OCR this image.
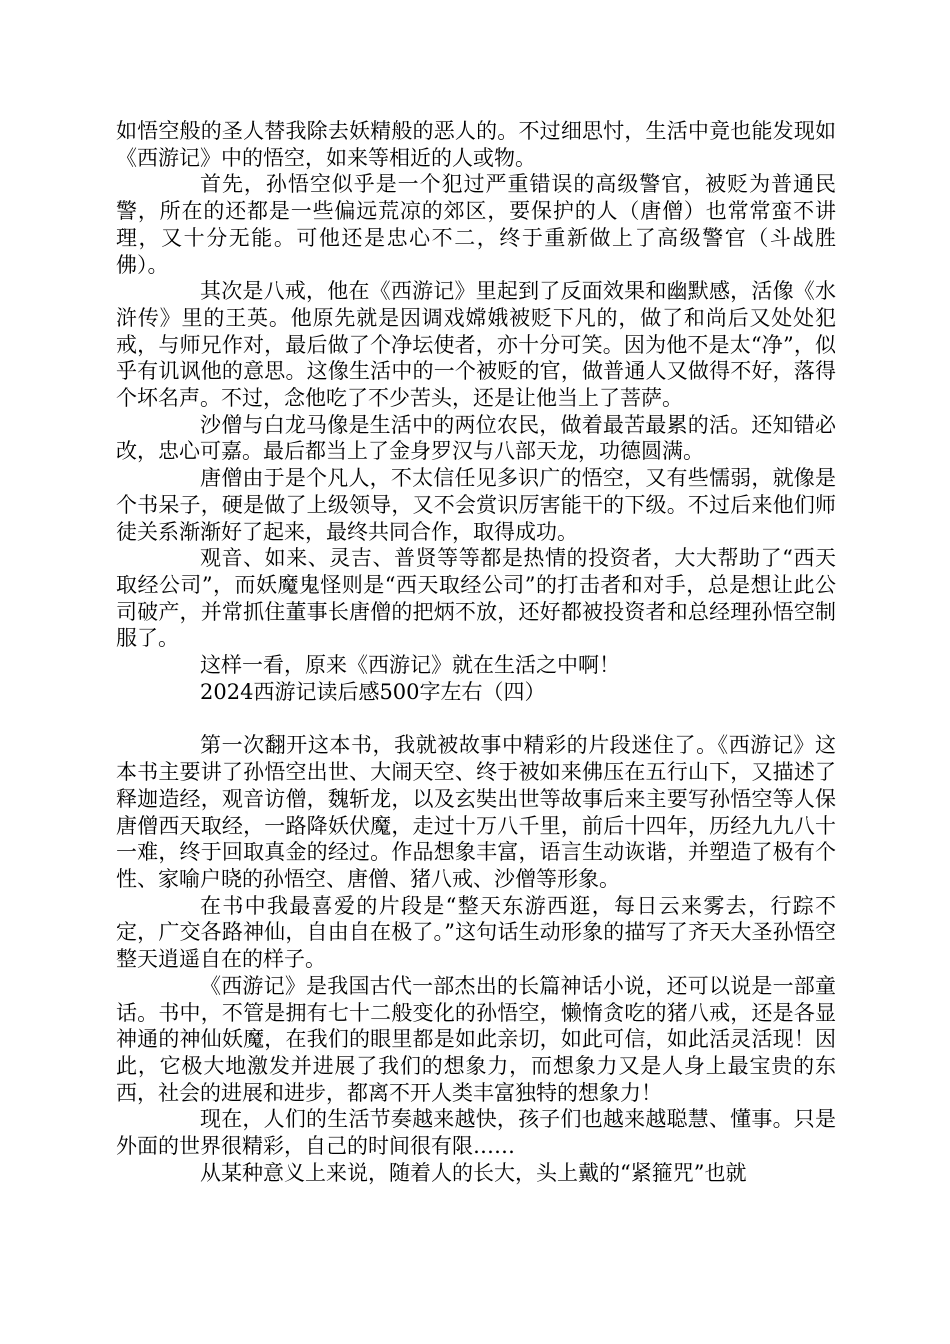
如悟空般的圣人替我除去妖精般的恶人的。不过细思忖，生活中竟也能发现如《西游记》中的悟空，如来等相近的人或物。

首先，孙悟空似乎是一个犯过严重错误的高级警官，被贬为普通民警，所在的还都是一些偏远荒凉的郊区，要保护的人（唐僧）也常常蛮不讲理，又十分无能。可他还是忠心不二，终于重新做上了高级警官（斗战胜佛）。

其次是八戒，他在《西游记》里起到了反面效果和幽默感，活像《水浒传》里的王英。他原先就是因调戏嫦娥被贬下凡的，做了和尚后又处处犯戒，与师兄作对，最后做了个净坛使者，亦十分可笑。因为他不是太“净”，似乎有讥讽他的意思。这像生活中的一个被贬的官，做普通人又做得不好，落得个坏名声。不过，念他吃了不少苦头，还是让他当上了菩萨。

沙僧与白龙马像是生活中的两位农民，做着最苦最累的活。还知错必改，忠心可嘉。最后都当上了金身罗汉与八部天龙，功德圆满。

唐僧由于是个凡人，不太信任见多识广的悟空，又有些懦弱，就像是个书呆子，硬是做了上级领导，又不会赏识厉害能干的下级。不过后来他们师徒关系渐渐好了起来，最终共同合作，取得成功。

观音、如来、灵吉、普贤等等都是热情的投资者，大大帮助了“西天取经公司”，而妖魔鬼怪则是“西天取经公司”的打击者和对手，总是想让此公司破产，并常抓住董事长唐僧的把炳不放，还好都被投资者和总经理孙悟空制服了。

这样一看，原来《西游记》就在生活之中啊！

2024西游记读后感500字左右（四）

第一次翻开这本书，我就被故事中精彩的片段迷住了。《西游记》这本书主要讲了孙悟空出世、大闹天空、终于被如来佛压在五行山下，又描述了释迦造经，观音访僧，魏斩龙，以及玄奘出世等故事后来主要写孙悟空等人保唐僧西天取经，一路降妖伏魔，走过十万八千里，前后十四年，历经九九八十一难，终于回取真金的经过。作品想象丰富，语言生动诙谐，并塑造了极有个性、家喻户晓的孙悟空、唐僧、猪八戒、沙僧等形象。

在书中我最喜爱的片段是“整天东游西逛，每日云来雾去，行踪不定，广交各路神仙，自由自在极了。”这句话生动形象的描写了齐天大圣孙悟空整天逍遥自在的样子。

《西游记》是我国古代一部杰出的长篇神话小说，还可以说是一部童话。书中，不管是拥有七十二般变化的孙悟空，懒惰贪吃的猪八戒，还是各显神通的神仙妖魔，在我们的眼里都是如此亲切，如此可信，如此活灵活现！因此，它极大地激发并进展了我们的想象力，而想象力又是人身上最宝贵的东西，社会的进展和进步，都离不开人类丰富独特的想象力！

现在，人们的生活节奏越来越快，孩子们也越来越聪慧、懂事。只是外面的世界很精彩，自己的时间很有限……

从某种意义上来说，随着人的长大，头上戴的“紧箍咒”也就
